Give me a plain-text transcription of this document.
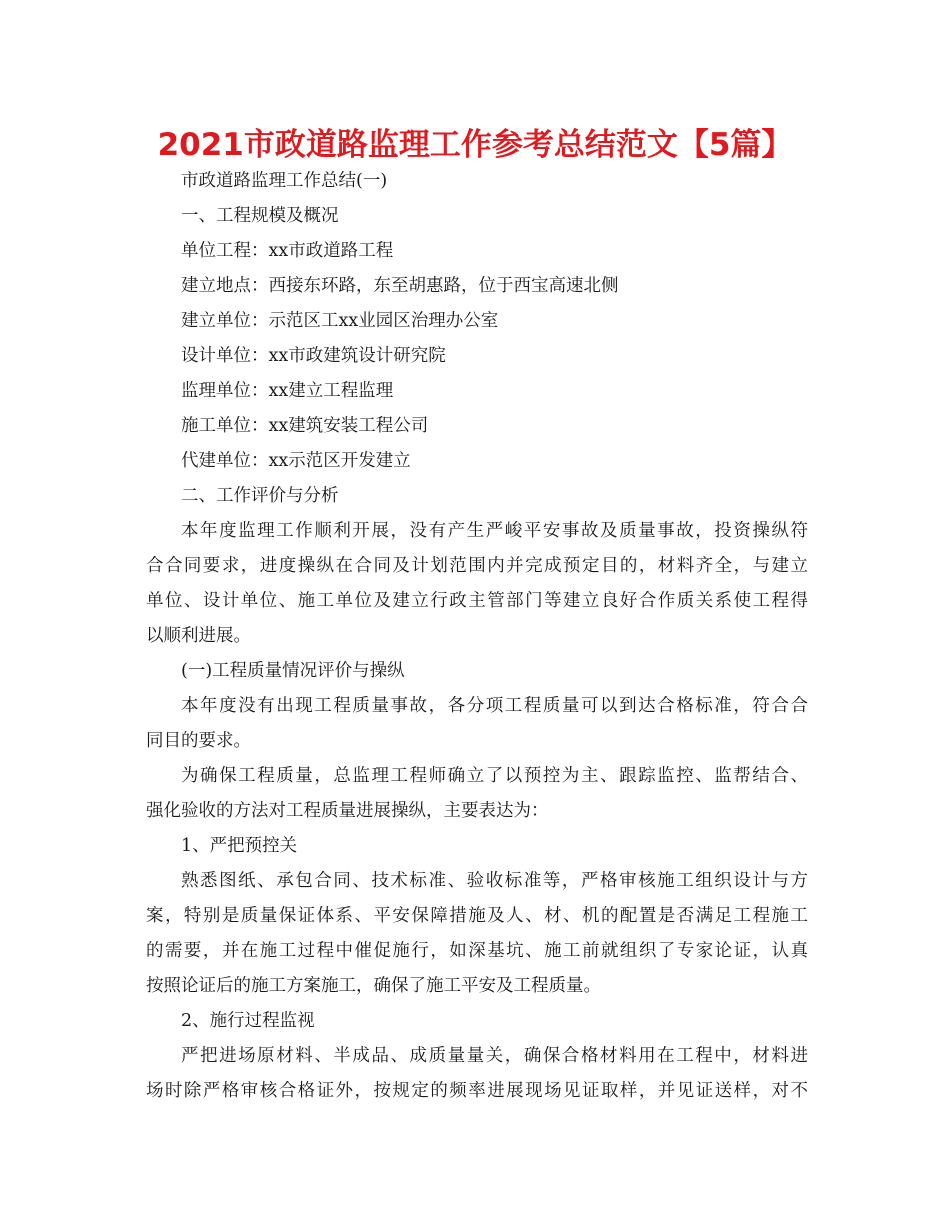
2021市政道路监理工作参考总结范文【5篇】
市政道路监理工作总结(一)
一、工程规模及概况
单位工程：xx市政道路工程
建立地点：西接东环路，东至胡惠路，位于西宝高速北侧
建立单位：示范区工xx业园区治理办公室
设计单位：xx市政建筑设计研究院
监理单位：xx建立工程监理
施工单位：xx建筑安装工程公司
代建单位：xx示范区开发建立
二、工作评价与分析
本年度监理工作顺利开展，没有产生严峻平安事故及质量事故，投资操纵符
合合同要求，进度操纵在合同及计划范围内并完成预定目的，材料齐全，与建立
单位、设计单位、施工单位及建立行政主管部门等建立良好合作质关系使工程得
以顺利进展。
(一)工程质量情况评价与操纵
本年度没有出现工程质量事故，各分项工程质量可以到达合格标准，符合合
同目的要求。
为确保工程质量，总监理工程师确立了以预控为主、跟踪监控、监帮结合、
强化验收的方法对工程质量进展操纵，主要表达为：
1、严把预控关
熟悉图纸、承包合同、技术标准、验收标准等，严格审核施工组织设计与方
案，特别是质量保证体系、平安保障措施及人、材、机的配置是否满足工程施工
的需要，并在施工过程中催促施行，如深基坑、施工前就组织了专家论证，认真
按照论证后的施工方案施工，确保了施工平安及工程质量。
2、施行过程监视
严把进场原材料、半成品、成质量量关，确保合格材料用在工程中，材料进
场时除严格审核合格证外，按规定的频率进展现场见证取样，并见证送样，对不
